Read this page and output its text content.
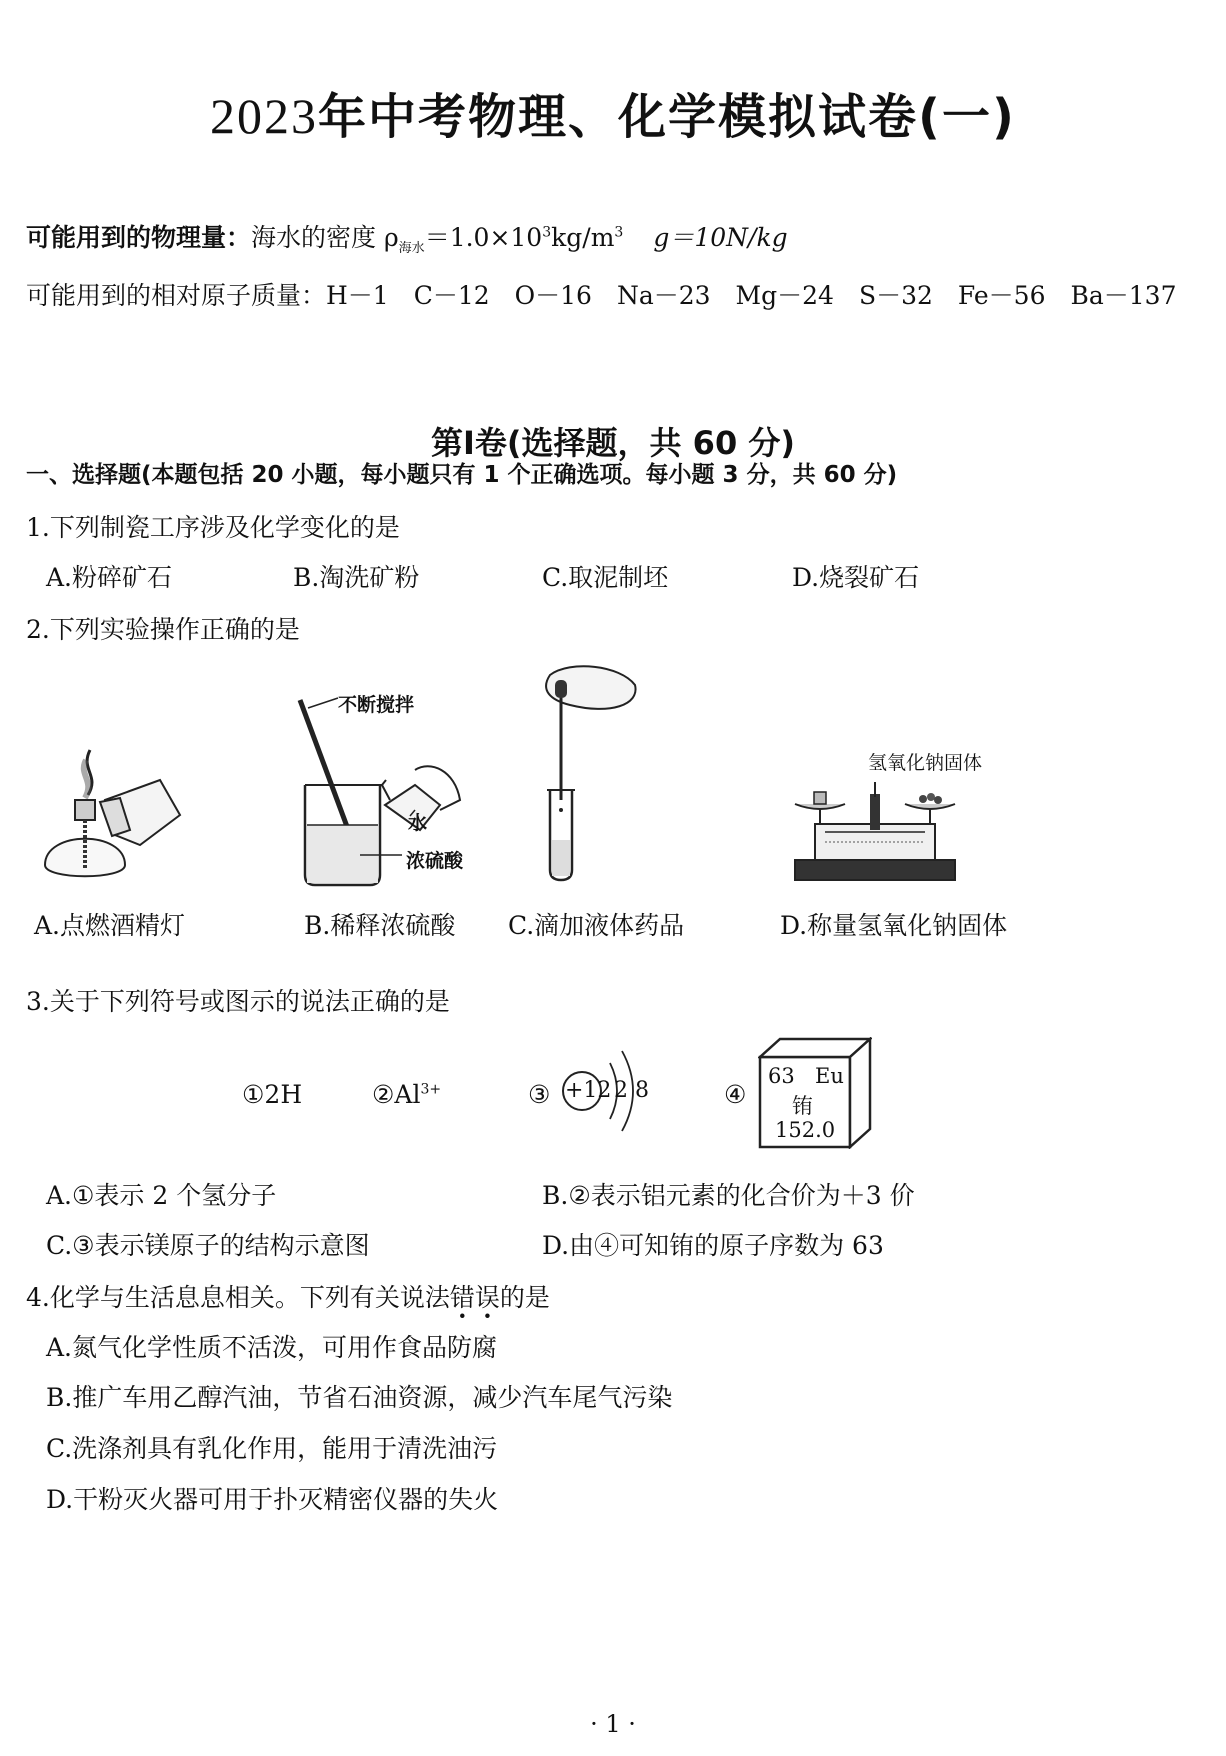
2023年中考物理、化学模拟试卷(一)
可能用到的物理量：海水的密度 $\rho_{海水}=1.0\times 10^3kg/m^3$ g＝10N/kg
可能用到的相对原子质量：H－1　C－12　O－16　Na－23　Mg－24　S－32　Fe－56　Ba－137
第Ⅰ卷(选择题，共 60 分)
一、选择题(本题包括 20 小题，每小题只有 1 个正确选项。每小题 3 分，共 60 分)
1.下列制瓷工序涉及化学变化的是
A.粉碎矿石	B.淘洗矿粉	C.取泥制坯	D.烧裂矿石
2.下列实验操作正确的是
A.点燃酒精灯
不断搅拌
水
浓硫酸
B.稀释浓硫酸 C.滴加液体药品
氢氧化钠固体
D.称量氢氧化钠固体
3.关于下列符号或图示的说法正确的是
①2H	$②Al^{3+}$	③ +12 2 8	④
63 Eu
铕
152.0
A.①表示 2 个氢分子	B.②表示铝元素的化合价为＋3 价
C.③表示镁原子的结构示意图	D.由④可知铕的原子序数为 63
4.化学与生活息息相关。下列有关说法错误的是
A.氮气化学性质不活泼，可用作食品防腐
B.推广车用乙醇汽油，节省石油资源，减少汽车尾气污染
C.洗涤剂具有乳化作用，能用于清洗油污
D.干粉灭火器可用于扑灭精密仪器的失火
· 1 ·
